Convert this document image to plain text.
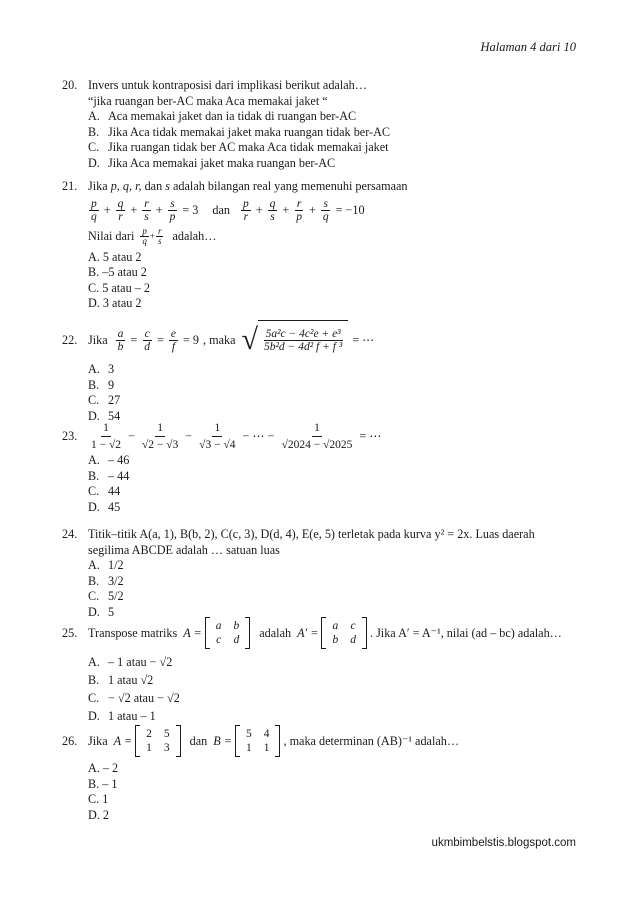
Halaman 4 dari 10
20. Invers untuk kontraposisi dari implikasi berikut adalah…
“jika ruangan ber-AC maka Aca memakai jaket “
A. Aca memakai jaket dan ia tidak di ruangan ber-AC
B. Jika Aca tidak memakai jaket maka ruangan tidak ber-AC
C. Jika ruangan tidak ber AC maka Aca tidak memakai jaket
D. Jika Aca memakai jaket maka ruangan ber-AC
21. Jika p, q, r, dan s adalah bilangan real yang memenuhi persamaan
$\frac{p}{q} + \frac{q}{r} + \frac{r}{s} + \frac{s}{p} = 3$ dan $\frac{p}{r} + \frac{q}{s} + \frac{r}{p} + \frac{s}{q} = -10$
Nilai dari $\frac{p}{q} + \frac{r}{s}$ adalah…
A. 5 atau 2
B. –5 atau 2
C. 5 atau – 2
D. 3 atau 2
22. Jika $\frac{a}{b} = \frac{c}{d} = \frac{e}{f} = 9$ , maka √ $\frac{\text{5a²c − 4c²e + e³}}{\text{5b²d − 4d² f + f ³}}$ = ⋯
A. 3
B. 9
C. 27
D. 54
23.	$\frac{1}{1 - √2} - \frac{1}{√2 - √3} - \frac{1}{√3 - √4}$ − ⋯ − $\frac{1}{√2024 - √2025}$ = ⋯
A. – 46
B. – 44
C. 44
D. 45
24. Titik–titik A(a, 1), B(b, 2), C(c, 3), D(d, 4), E(e, 5) terletak pada kurva y² = 2x. Luas daerah
segilima ABCDE adalah … satuan luas
A. 1/2
B. 3/2
C. 5/2
D. 5
25. Transpose matriks A = a	b
c	d
adalah A′ = a	c
b	d
. Jika A′ = A⁻¹, nilai (ad – bc) adalah…
A. – 1 atau − √2
B. 1 atau √2
C. − √2 atau − √2
D. 1 atau – 1
26. Jika A = 2	5
1	3
dan B = 5	4
1	1
, maka determinan (AB)⁻¹ adalah…
A. – 2
B. – 1
C. 1
D. 2
ukmbimbelstis.blogspot.com
